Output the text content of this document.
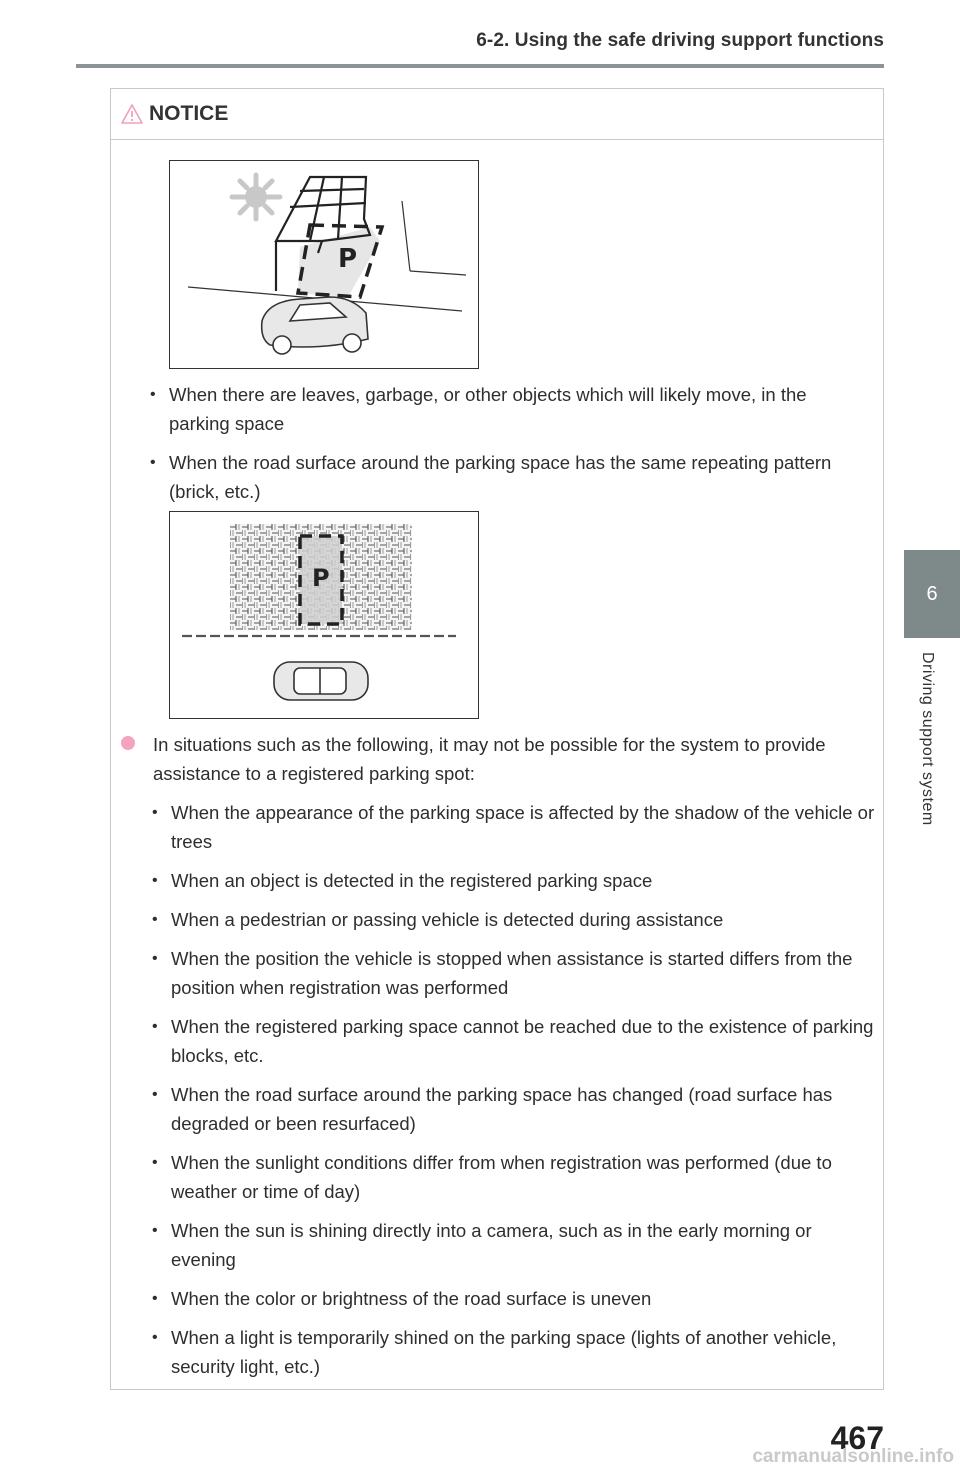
6-2. Using the safe driving support functions
6
Driving support system
NOTICE
P
• When there are leaves, garbage, or other objects which will likely move, in the parking space
• When the road surface around the parking space has the same repeating pattern (brick, etc.)
P
In situations such as the following, it may not be possible for the system to provide assistance to a registered parking spot:
• When the appearance of the parking space is affected by the shadow of the vehicle or trees
• When an object is detected in the registered parking space
• When a pedestrian or passing vehicle is detected during assistance
• When the position the vehicle is stopped when assistance is started differs from the position when registration was performed
• When the registered parking space cannot be reached due to the existence of parking blocks, etc.
• When the road surface around the parking space has changed (road surface has degraded or been resurfaced)
• When the sunlight conditions differ from when registration was performed (due to weather or time of day)
• When the sun is shining directly into a camera, such as in the early morning or evening
• When the color or brightness of the road surface is uneven
• When a light is temporarily shined on the parking space (lights of another vehicle, security light, etc.)
467
carmanualsonline.info
